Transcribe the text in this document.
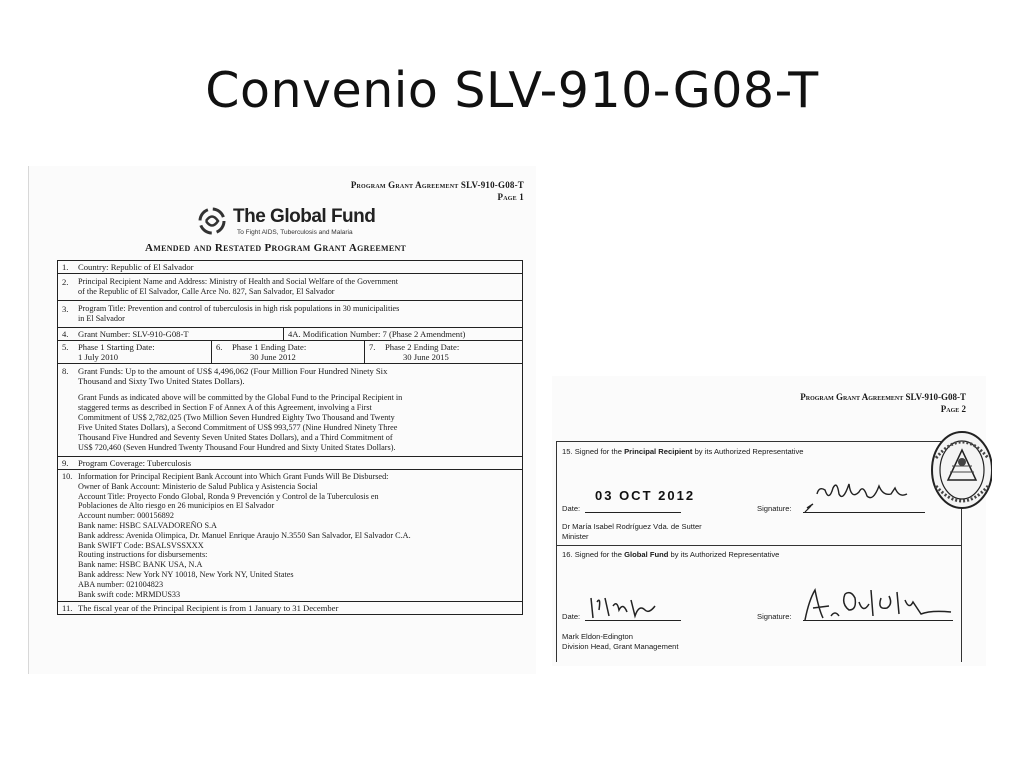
Convenio SLV-910-G08-T
Program Grant Agreement SLV-910-G08-T
Page 1
The Global Fund
To Fight AIDS, Tuberculosis and Malaria
Amended and Restated Program Grant Agreement
1. Country: Republic of El Salvador
2. Principal Recipient Name and Address: Ministry of Health and Social Welfare of the Government
of the Republic of El Salvador, Calle Arce No. 827, San Salvador, El Salvador
3. Program Title: Prevention and control of tuberculosis in high risk populations in 30 municipalities
in El Salvador
4. Grant Number: SLV-910-G08-T	4A. Modification Number: 7 (Phase 2 Amendment)
5. Phase 1 Starting Date:
1 July 2010
6. Phase 1 Ending Date:
30 June 2012
7. Phase 2 Ending Date:
30 June 2015
8. Grant Funds: Up to the amount of US$ 4,496,062 (Four Million Four Hundred Ninety Six
Thousand and Sixty Two United States Dollars).
Grant Funds as indicated above will be committed by the Global Fund to the Principal Recipient in
staggered terms as described in Section F of Annex A of this Agreement, involving a First
Commitment of US$ 2,782,025 (Two Million Seven Hundred Eighty Two Thousand and Twenty
Five United States Dollars), a Second Commitment of US$ 993,577 (Nine Hundred Ninety Three
Thousand Five Hundred and Seventy Seven United States Dollars), and a Third Commitment of
US$ 720,460 (Seven Hundred Twenty Thousand Four Hundred and Sixty United States Dollars).
9. Program Coverage: Tuberculosis
10. Information for Principal Recipient Bank Account into Which Grant Funds Will Be Disbursed:
Owner of Bank Account: Ministerio de Salud Publica y Asistencia Social
Account Title: Proyecto Fondo Global, Ronda 9 Prevención y Control de la Tuberculosis en
Poblaciones de Alto riesgo en 26 municipios en El Salvador
Account number: 000156892
Bank name: HSBC SALVADOREÑO S.A
Bank address: Avenida Olimpica, Dr. Manuel Enrique Araujo N.3550 San Salvador, El Salvador C.A.
Bank SWIFT Code: BSALSVSSXXX
Routing instructions for disbursements:
Bank name: HSBC BANK USA, N.A
Bank address: New York NY 10018, New York NY, United States
ABA number: 021004823
Bank swift code: MRMDUS33
11. The fiscal year of the Principal Recipient is from 1 January to 31 December
Program Grant Agreement SLV-910-G08-T
Page 2
15. Signed for the Principal Recipient by its Authorized Representative
Date:
03 OCT 2012
Signature:
Dr María Isabel Rodríguez Vda. de Sutter
Minister
16. Signed for the Global Fund by its Authorized Representative
Date:	Signature:
Mark Eldon-Edington
Division Head, Grant Management
